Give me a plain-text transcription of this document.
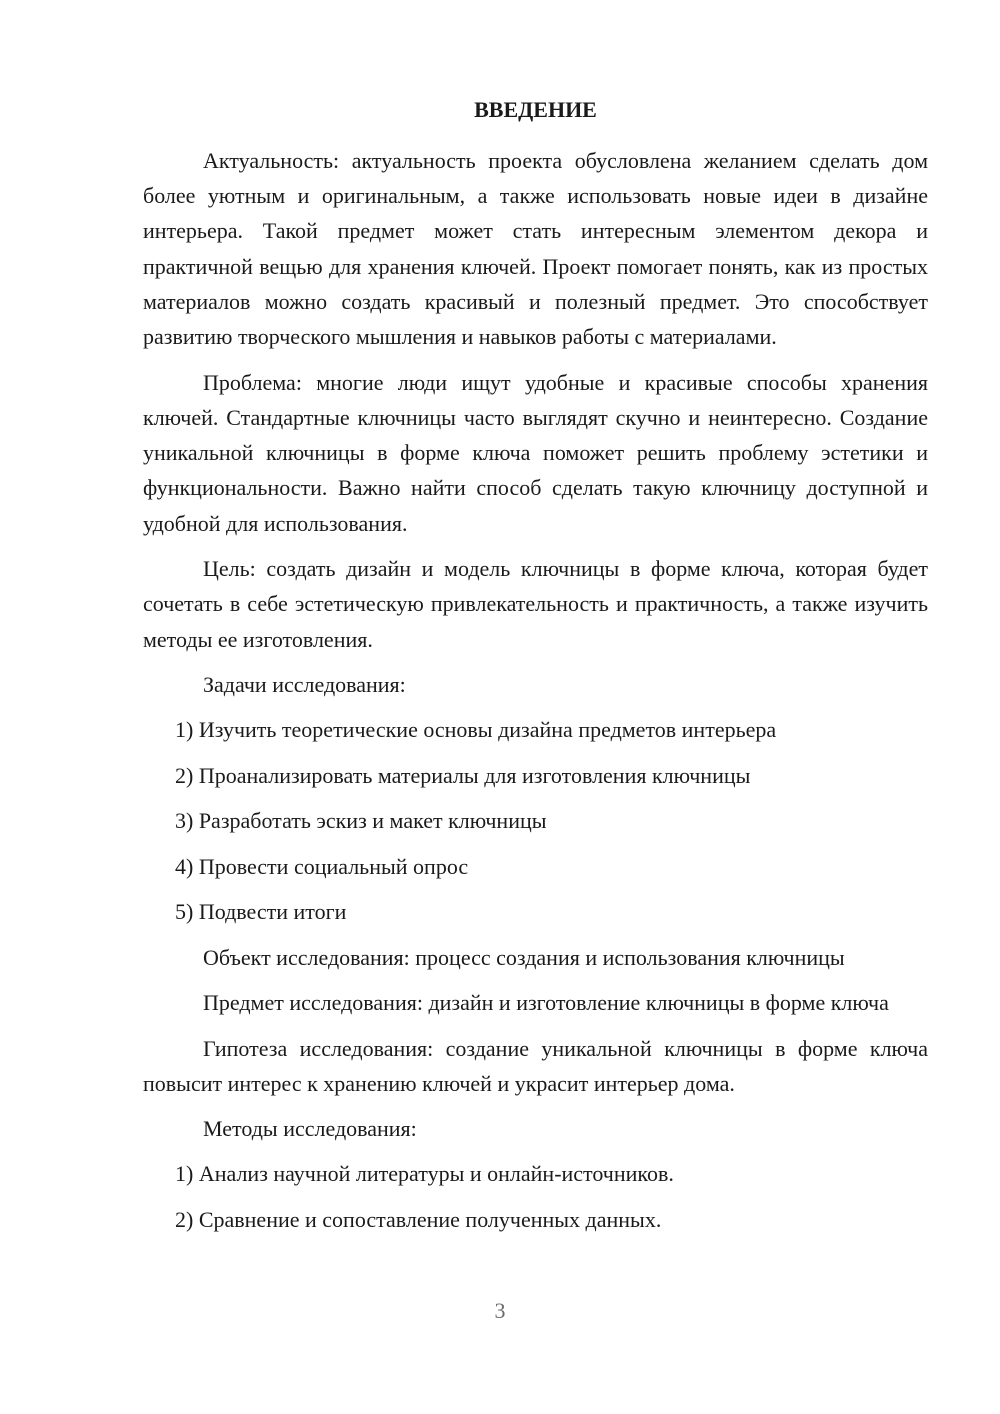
ВВЕДЕНИЕ

Актуальность: актуальность проекта обусловлена желанием сделать дом более уютным и оригинальным, а также использовать новые идеи в дизайне интерьера. Такой предмет может стать интересным элементом декора и практичной вещью для хранения ключей. Проект помогает понять, как из простых материалов можно создать красивый и полезный предмет. Это способствует развитию творческого мышления и навыков работы с материалами.

Проблема: многие люди ищут удобные и красивые способы хранения ключей. Стандартные ключницы часто выглядят скучно и неинтересно. Создание уникальной ключницы в форме ключа поможет решить проблему эстетики и функциональности. Важно найти способ сделать такую ключницу доступной и удобной для использования.

Цель: создать дизайн и модель ключницы в форме ключа, которая будет сочетать в себе эстетическую привлекательность и практичность, а также изучить методы ее изготовления.

Задачи исследования:
1) Изучить теоретические основы дизайна предметов интерьера
2) Проанализировать материалы для изготовления ключницы
3) Разработать эскиз и макет ключницы
4) Провести социальный опрос
5) Подвести итоги
Объект исследования: процесс создания и использования ключницы

Предмет исследования: дизайн и изготовление ключницы в форме ключа

Гипотеза исследования: создание уникальной ключницы в форме ключа повысит интерес к хранению ключей и украсит интерьер дома.

Методы исследования:
1) Анализ научной литературы и онлайн-источников.
2) Сравнение и сопоставление полученных данных.
3
